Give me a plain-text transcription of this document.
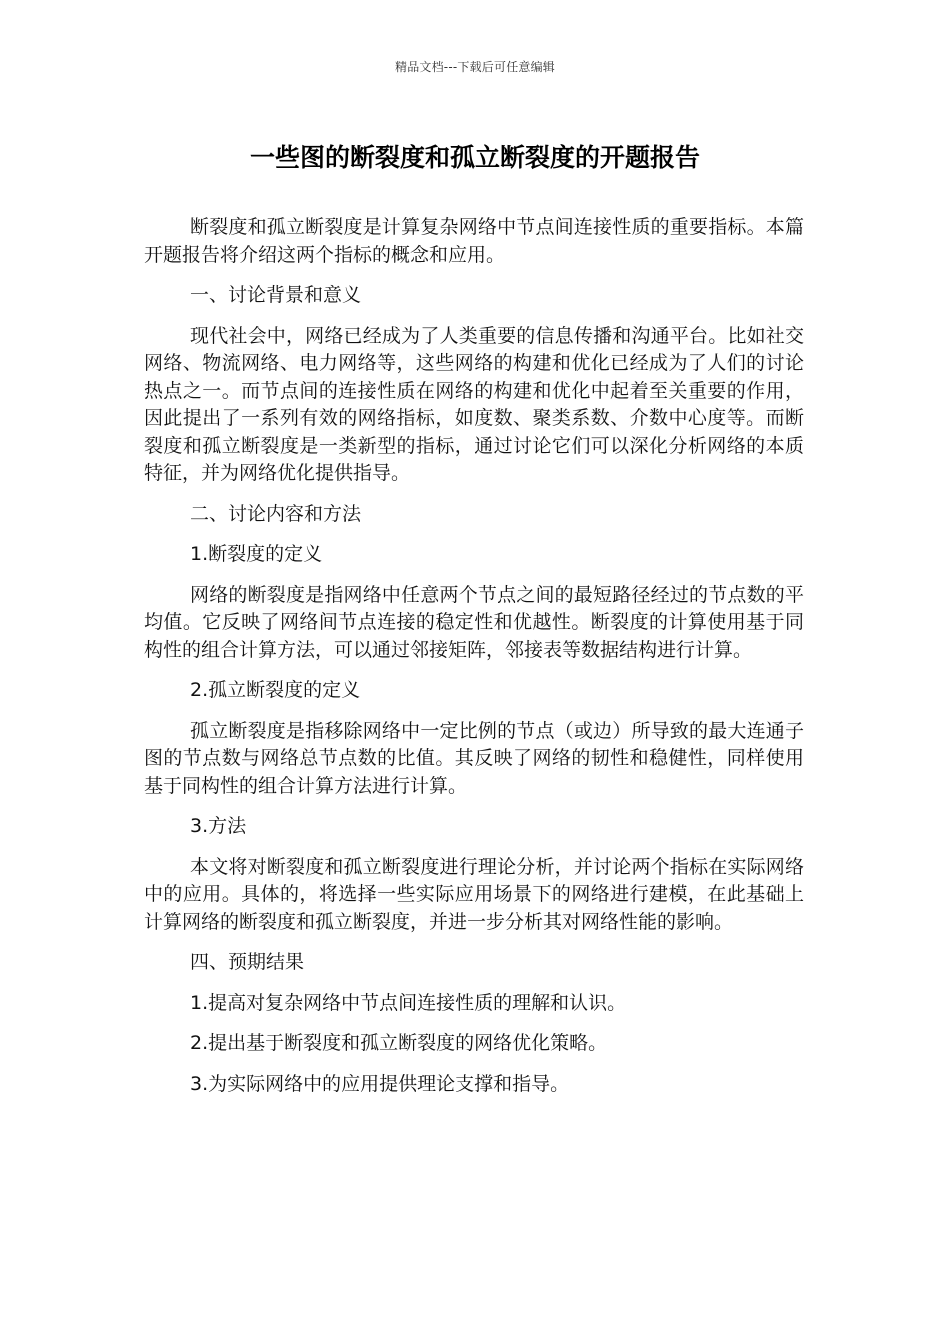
精品文档---下载后可任意编辑
一些图的断裂度和孤立断裂度的开题报告

断裂度和孤立断裂度是计算复杂网络中节点间连接性质的重要指标。本篇开题报告将介绍这两个指标的概念和应用。

一、讨论背景和意义

现代社会中，网络已经成为了人类重要的信息传播和沟通平台。比如社交网络、物流网络、电力网络等，这些网络的构建和优化已经成为了人们的讨论热点之一。而节点间的连接性质在网络的构建和优化中起着至关重要的作用，因此提出了一系列有效的网络指标，如度数、聚类系数、介数中心度等。而断裂度和孤立断裂度是一类新型的指标，通过讨论它们可以深化分析网络的本质特征，并为网络优化提供指导。

二、讨论内容和方法

1.断裂度的定义

网络的断裂度是指网络中任意两个节点之间的最短路径经过的节点数的平均值。它反映了网络间节点连接的稳定性和优越性。断裂度的计算使用基于同构性的组合计算方法，可以通过邻接矩阵，邻接表等数据结构进行计算。

2.孤立断裂度的定义

孤立断裂度是指移除网络中一定比例的节点（或边）所导致的最大连通子图的节点数与网络总节点数的比值。其反映了网络的韧性和稳健性，同样使用基于同构性的组合计算方法进行计算。

3.方法

本文将对断裂度和孤立断裂度进行理论分析，并讨论两个指标在实际网络中的应用。具体的，将选择一些实际应用场景下的网络进行建模，在此基础上计算网络的断裂度和孤立断裂度，并进一步分析其对网络性能的影响。

四、预期结果

1.提高对复杂网络中节点间连接性质的理解和认识。

2.提出基于断裂度和孤立断裂度的网络优化策略。

3.为实际网络中的应用提供理论支撑和指导。
